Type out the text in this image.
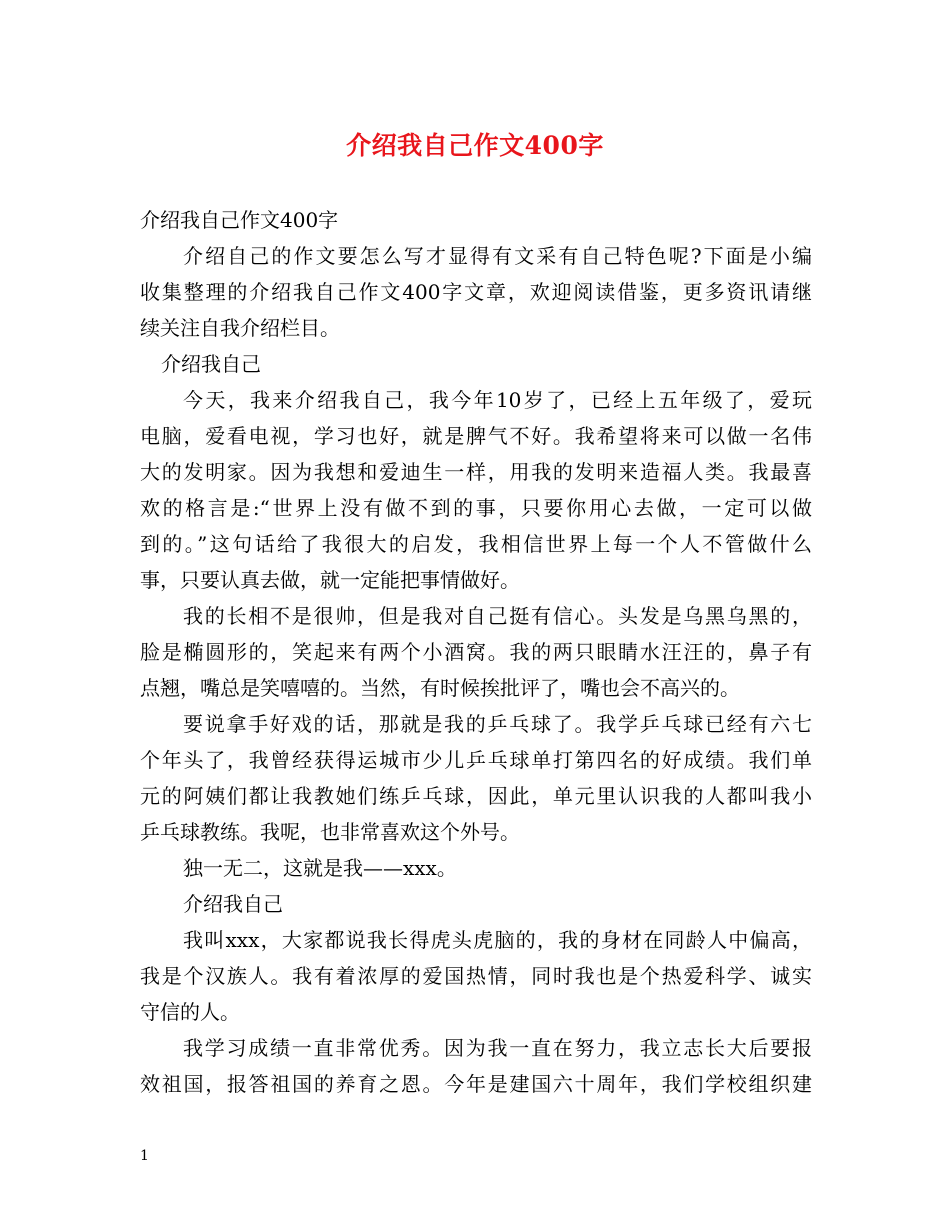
介绍我自己作文400字
介绍我自己作文400字
介绍自己的作文要怎么写才显得有文采有自己特色呢?下面是小编
收集整理的介绍我自己作文400字文章，欢迎阅读借鉴，更多资讯请继
续关注自我介绍栏目。
介绍我自己
今天，我来介绍我自己，我今年10岁了，已经上五年级了，爱玩
电脑，爱看电视，学习也好，就是脾气不好。我希望将来可以做一名伟
大的发明家。因为我想和爱迪生一样，用我的发明来造福人类。我最喜
欢的格言是:“世界上没有做不到的事，只要你用心去做，一定可以做
到的。”这句话给了我很大的启发，我相信世界上每一个人不管做什么
事，只要认真去做，就一定能把事情做好。
我的长相不是很帅，但是我对自己挺有信心。头发是乌黑乌黑的，
脸是椭圆形的，笑起来有两个小酒窝。我的两只眼睛水汪汪的，鼻子有
点翘，嘴总是笑嘻嘻的。当然，有时候挨批评了，嘴也会不高兴的。
要说拿手好戏的话，那就是我的乒乓球了。我学乒乓球已经有六七
个年头了，我曾经获得运城市少儿乒乓球单打第四名的好成绩。我们单
元的阿姨们都让我教她们练乒乓球，因此，单元里认识我的人都叫我小
乒乓球教练。我呢，也非常喜欢这个外号。
独一无二，这就是我——xxx。
介绍我自己
我叫xxx，大家都说我长得虎头虎脑的，我的身材在同龄人中偏高，
我是个汉族人。我有着浓厚的爱国热情，同时我也是个热爱科学、诚实
守信的人。
我学习成绩一直非常优秀。因为我一直在努力，我立志长大后要报
效祖国，报答祖国的养育之恩。今年是建国六十周年，我们学校组织建
1
